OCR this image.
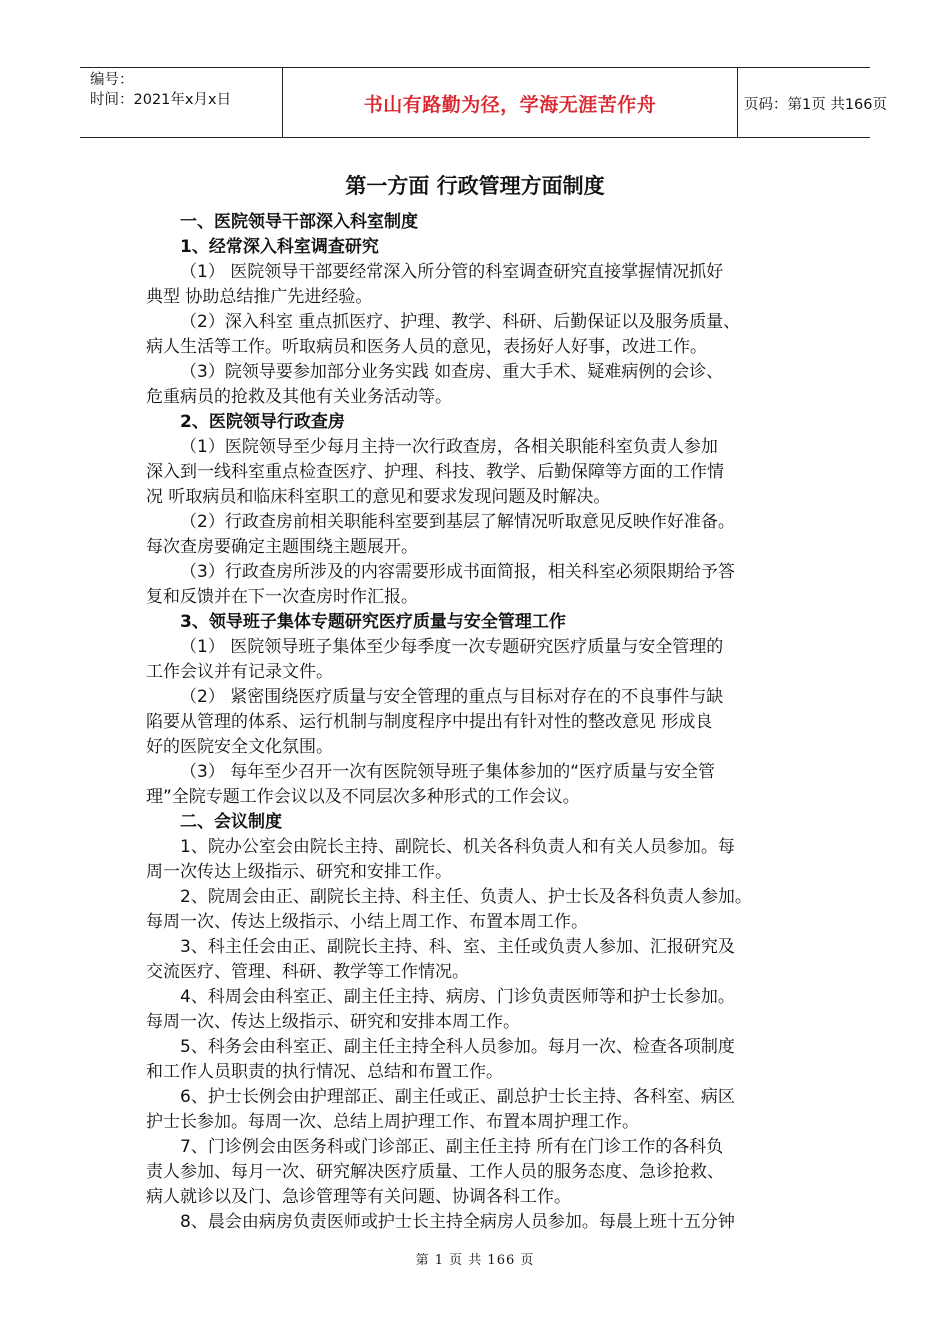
编号：
时间：2021年x月x日	书山有路勤为径，学海无涯苦作舟	页码：第1页 共166页
第一方面 行政管理方面制度
一、医院领导干部深入科室制度
1、经常深入科室调查研究
（1） 医院领导干部要经常深入所分管的科室调查研究直接掌握情况抓好
典型 协助总结推广先进经验。
（2）深入科室 重点抓医疗、护理、教学、科研、后勤保证以及服务质量、
病人生活等工作。听取病员和医务人员的意见，表扬好人好事，改进工作。
（3）院领导要参加部分业务实践 如查房、重大手术、疑难病例的会诊、
危重病员的抢救及其他有关业务活动等。
2、医院领导行政查房
（1）医院领导至少每月主持一次行政查房，各相关职能科室负责人参加
深入到一线科室重点检查医疗、护理、科技、教学、后勤保障等方面的工作情
况 听取病员和临床科室职工的意见和要求发现问题及时解决。
（2）行政查房前相关职能科室要到基层了解情况听取意见反映作好准备。
每次查房要确定主题围绕主题展开。
（3）行政查房所涉及的内容需要形成书面简报，相关科室必须限期给予答
复和反馈并在下一次查房时作汇报。
3、领导班子集体专题研究医疗质量与安全管理工作
（1） 医院领导班子集体至少每季度一次专题研究医疗质量与安全管理的
工作会议并有记录文件。
（2） 紧密围绕医疗质量与安全管理的重点与目标对存在的不良事件与缺
陷要从管理的体系、运行机制与制度程序中提出有针对性的整改意见 形成良
好的医院安全文化氛围。
（3） 每年至少召开一次有医院领导班子集体参加的“医疗质量与安全管
理”全院专题工作会议以及不同层次多种形式的工作会议。
二、会议制度
1、院办公室会由院长主持、副院长、机关各科负责人和有关人员参加。每
周一次传达上级指示、研究和安排工作。
2、院周会由正、副院长主持、科主任、负责人、护士长及各科负责人参加。
每周一次、传达上级指示、小结上周工作、布置本周工作。
3、科主任会由正、副院长主持、科、室、主任或负责人参加、汇报研究及
交流医疗、管理、科研、教学等工作情况。
4、科周会由科室正、副主任主持、病房、门诊负责医师等和护士长参加。
每周一次、传达上级指示、研究和安排本周工作。
5、科务会由科室正、副主任主持全科人员参加。每月一次、检查各项制度
和工作人员职责的执行情况、总结和布置工作。
6、护士长例会由护理部正、副主任或正、副总护士长主持、各科室、病区
护士长参加。每周一次、总结上周护理工作、布置本周护理工作。
7、门诊例会由医务科或门诊部正、副主任主持 所有在门诊工作的各科负
责人参加、每月一次、研究解决医疗质量、工作人员的服务态度、急诊抢救、
病人就诊以及门、急诊管理等有关问题、协调各科工作。
8、晨会由病房负责医师或护士长主持全病房人员参加。每晨上班十五分钟
第 1 页 共 166 页
